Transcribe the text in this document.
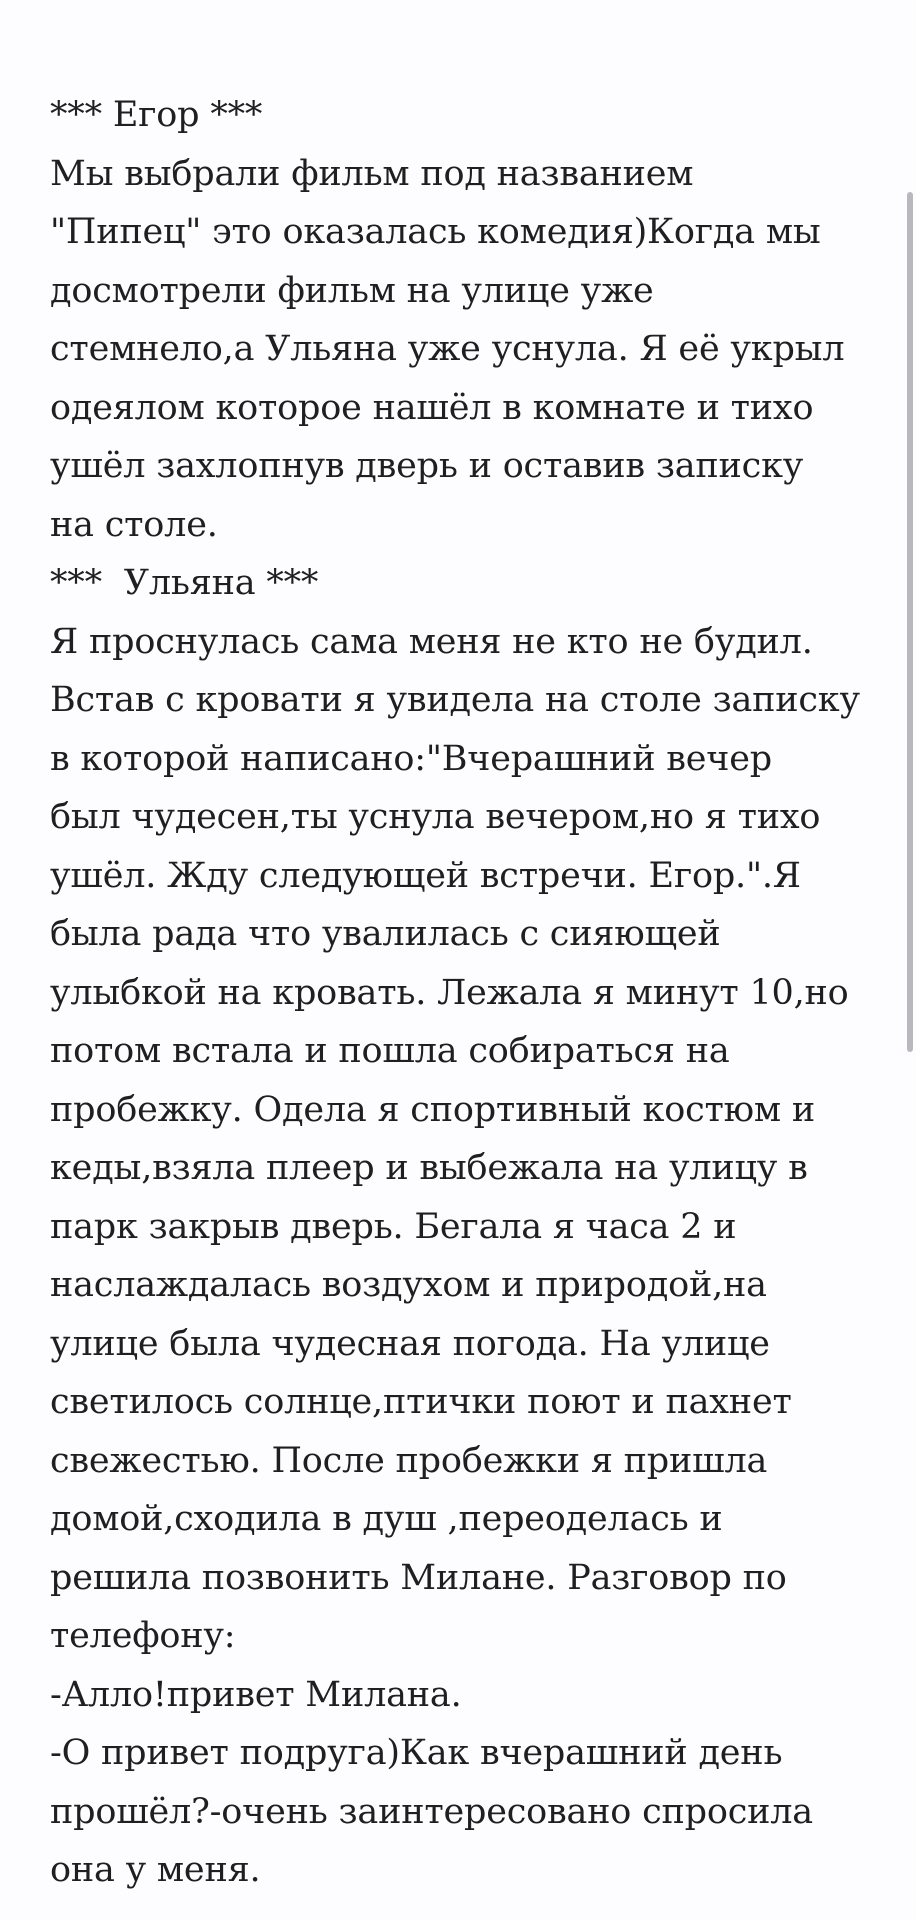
*** Егор ***
Мы выбрали фильм под названием
"Пипец" это оказалась комедия)Когда мы
досмотрели фильм на улице уже
стемнело,а Ульяна уже уснула. Я её укрыл
одеялом которое нашёл в комнате и тихо
ушёл захлопнув дверь и оставив записку
на столе.
***  Ульяна ***
Я проснулась сама меня не кто не будил.
Встав с кровати я увидела на столе записку
в которой написано:"Вчерашний вечер
был чудесен,ты уснула вечером,но я тихо
ушёл. Жду следующей встречи. Егор.".Я
была рада что увалилась с сияющей
улыбкой на кровать. Лежала я минут 10,но
потом встала и пошла собираться на
пробежку. Одела я спортивный костюм и
кеды,взяла плеер и выбежала на улицу в
парк закрыв дверь. Бегала я часа 2 и
наслаждалась воздухом и природой,на
улице была чудесная погода. На улице
светилось солнце,птички поют и пахнет
свежестью. После пробежки я пришла
домой,сходила в душ ,переоделась и
решила позвонить Милане. Разговор по
телефону:
-Алло!привет Милана.
-О привет подруга)Как вчерашний день
прошёл?-очень заинтересовано спросила
она у меня.
